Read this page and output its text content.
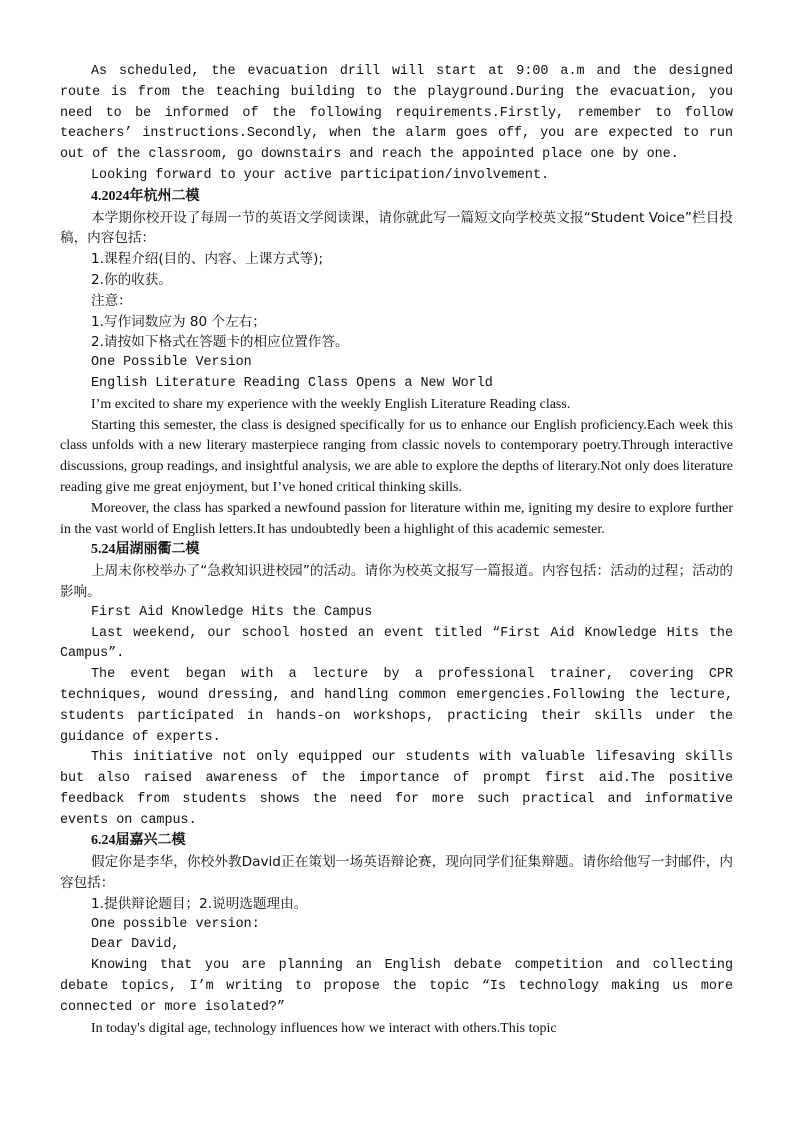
As scheduled, the evacuation drill will start at 9:00 a.m and the designed route is from the teaching building to the playground.During the evacuation, you need to be informed of the following requirements.Firstly, remember to follow teachers’ instructions.Secondly, when the alarm goes off, you are expected to run out of the classroom, go downstairs and reach the appointed place one by one.

Looking forward to your active participation/involvement.

4.2024年杭州二模

本学期你校开设了每周一节的英语文学阅读课，请你就此写一篇短文向学校英文报“Student Voice”栏目投稿，内容包括：

1.课程介绍(目的、内容、上课方式等);

2.你的收获。

注意：

1.写作词数应为 80 个左右；

2.请按如下格式在答题卡的相应位置作答。

One Possible Version

English Literature Reading Class Opens a New World

I’m excited to share my experience with the weekly English Literature Reading class.

Starting this semester, the class is designed specifically for us to enhance our English proficiency.Each week this class unfolds with a new literary masterpiece ranging from classic novels to contemporary poetry.Through interactive discussions, group readings, and insightful analysis, we are able to explore the depths of literary.Not only does literature reading give me great enjoyment, but I’ve honed critical thinking skills.

Moreover, the class has sparked a newfound passion for literature within me, igniting my desire to explore further in the vast world of English letters.It has undoubtedly been a highlight of this academic semester.

5.24届湖丽衢二模

上周末你校举办了“急救知识进校园”的活动。请你为校英文报写一篇报道。内容包括：活动的过程；活动的影响。

First Aid Knowledge Hits the Campus

Last weekend, our school hosted an event titled “First Aid Knowledge Hits the Campus”.

The event began with a lecture by a professional trainer, covering CPR techniques, wound dressing, and handling common emergencies.Following the lecture, students participated in hands-on workshops, practicing their skills under the guidance of experts.

This initiative not only equipped our students with valuable lifesaving skills but also raised awareness of the importance of prompt first aid.The positive feedback from students shows the need for more such practical and informative events on campus.

6.24届嘉兴二模

假定你是李华，你校外教David正在策划一场英语辩论赛，现向同学们征集辩题。请你给他写一封邮件，内容包括：

1.提供辩论题目；2.说明选题理由。

One possible version:

Dear David,

Knowing that you are planning an English debate competition and collecting debate topics, I’m writing to propose the topic “Is technology making us more connected or more isolated?”

In today's digital age, technology influences how we interact with others.This topic
